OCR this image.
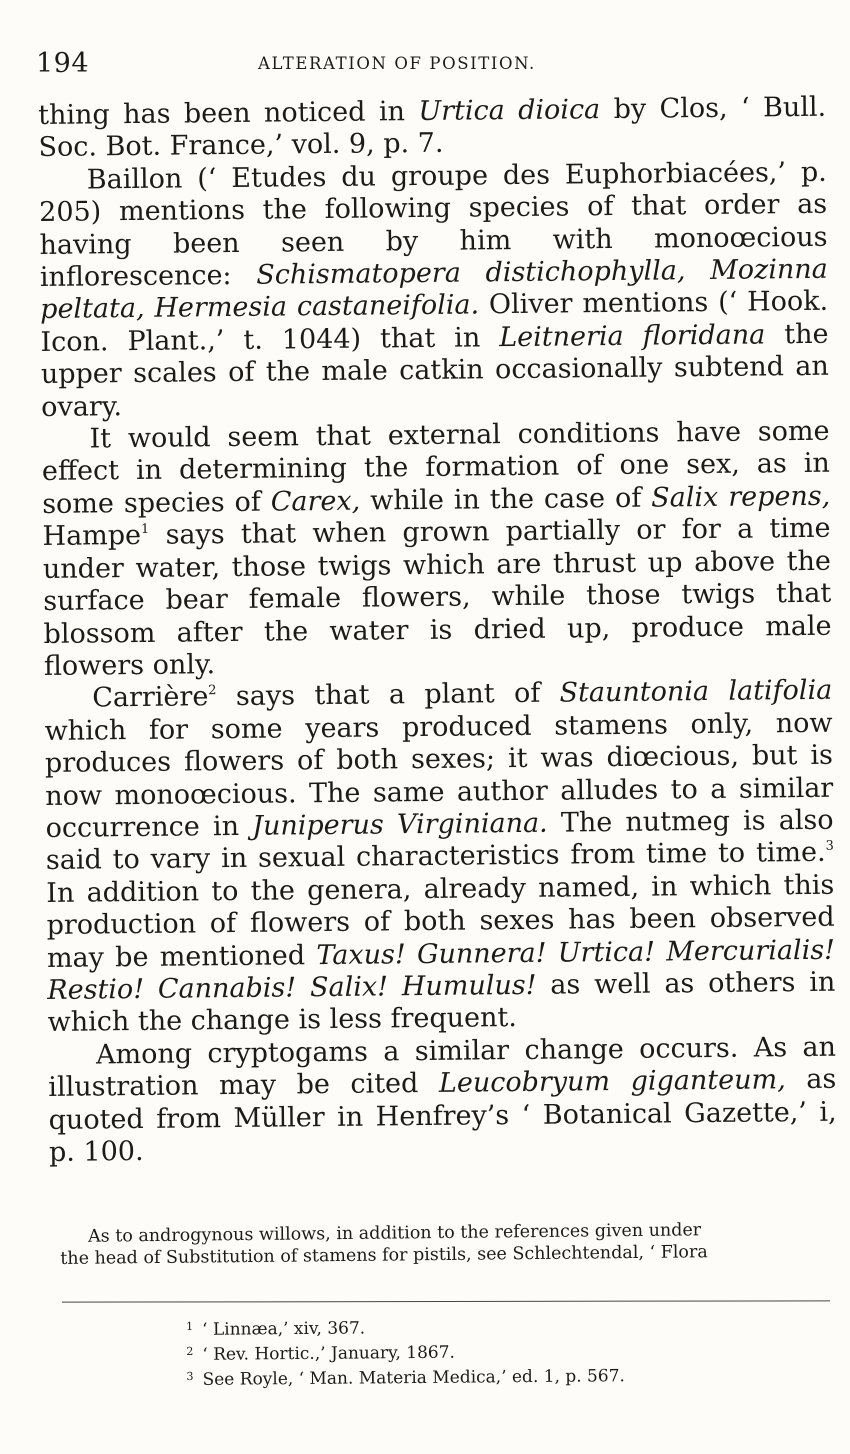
194	ALTERATION OF POSITION.

thing has been noticed in Urtica dioica by Clos, ‘ Bull. Soc. Bot. France,’ vol. 9, p. 7.

Baillon (‘ Etudes du groupe des Euphorbiacées,’ p. 205) mentions the following species of that order as having been seen by him with monoœcious inflorescence: Schismatopera distichophylla, Mozinna peltata, Hermesia castaneifolia. Oliver mentions (‘ Hook. Icon. Plant.,’ t. 1044) that in Leitneria floridana the upper scales of the male catkin occasionally subtend an ovary.

It would seem that external conditions have some effect in determining the formation of one sex, as in some species of Carex, while in the case of Salix repens, Hampe$^1$ says that when grown partially or for a time under water, those twigs which are thrust up above the surface bear female flowers, while those twigs that blossom after the water is dried up, produce male flowers only.

Carrière$^2$ says that a plant of Stauntonia latifolia which for some years produced stamens only, now produces flowers of both sexes; it was diœcious, but is now monoœcious. The same author alludes to a similar occurrence in Juniperus Virginiana. The nutmeg is also said to vary in sexual characteristics from time to time.$^3$ In addition to the genera, already named, in which this production of flowers of both sexes has been observed may be mentioned Taxus! Gunnera! Urtica! Mercurialis! Restio! Cannabis! Salix! Humulus! as well as others in which the change is less frequent.

Among cryptogams a similar change occurs. As an illustration may be cited Leucobryum giganteum, as quoted from Müller in Henfrey’s ‘ Botanical Gazette,’ i, p. 100.

As to androgynous willows, in addition to the references given under

the head of Substitution of stamens for pistils, see Schlechtendal, ‘ Flora

1 ‘ Linnæa,’ xiv, 367.

2 ‘ Rev. Hortic.,’ January, 1867.

3 See Royle, ‘ Man. Materia Medica,’ ed. 1, p. 567.
